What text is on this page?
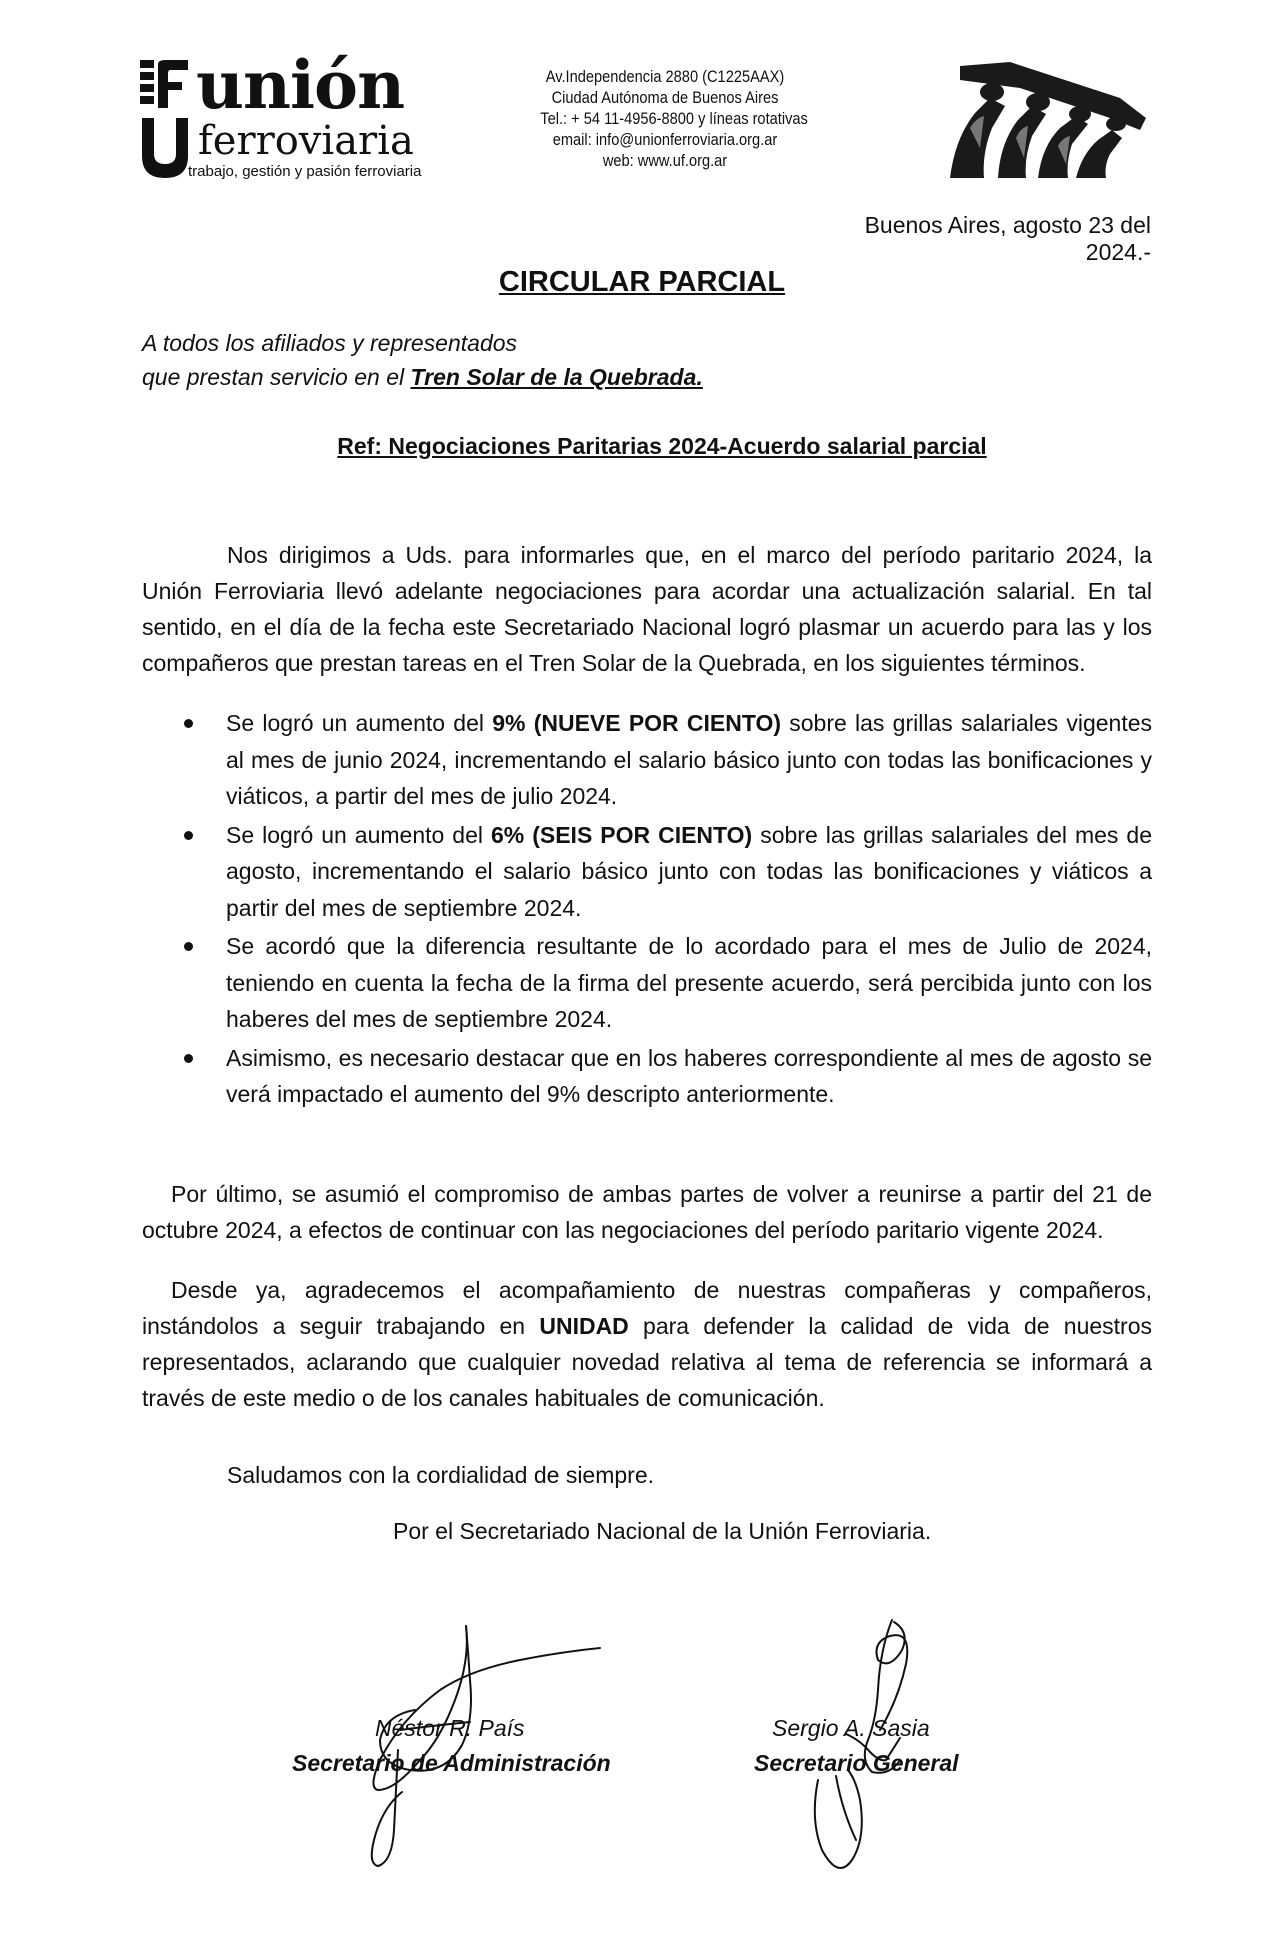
unión
ferroviaria
trabajo, gestión y pasión ferroviaria
Av.Independencia 2880 (C1225AAX)
Ciudad Autónoma de Buenos Aires
Tel.: + 54 11-4956-8800 y líneas rotativas
email: info@unionferroviaria.org.ar
web: www.uf.org.ar
Buenos Aires, agosto 23 del 2024.-
CIRCULAR PARCIAL
A todos los afiliados y representados
que prestan servicio en el Tren Solar de la Quebrada.
Ref: Negociaciones Paritarias 2024-Acuerdo salarial parcial
Nos dirigimos a Uds. para informarles que, en el marco del período paritario 2024, la Unión Ferroviaria llevó adelante negociaciones para acordar una actualización salarial. En tal sentido, en el día de la fecha este Secretariado Nacional logró plasmar un acuerdo para las y los compañeros que prestan tareas en el Tren Solar de la Quebrada, en los siguientes términos.
Se logró un aumento del 9% (NUEVE POR CIENTO) sobre las grillas salariales vigentes al mes de junio 2024, incrementando el salario básico junto con todas las bonificaciones y viáticos, a partir del mes de julio 2024.
Se logró un aumento del 6% (SEIS POR CIENTO) sobre las grillas salariales del mes de agosto, incrementando el salario básico junto con todas las bonificaciones y viáticos a partir del mes de septiembre 2024.
Se acordó que la diferencia resultante de lo acordado para el mes de Julio de 2024, teniendo en cuenta la fecha de la firma del presente acuerdo, será percibida junto con los haberes del mes de septiembre 2024.
Asimismo, es necesario destacar que en los haberes correspondiente al mes de agosto se verá impactado el aumento del 9% descripto anteriormente.
Por último, se asumió el compromiso de ambas partes de volver a reunirse a partir del 21 de octubre 2024, a efectos de continuar con las negociaciones del período paritario vigente 2024.
Desde ya, agradecemos el acompañamiento de nuestras compañeras y compañeros, instándolos a seguir trabajando en UNIDAD para defender la calidad de vida de nuestros representados, aclarando que cualquier novedad relativa al tema de referencia se informará a través de este medio o de los canales habituales de comunicación.
Saludamos con la cordialidad de siempre.
Por el Secretariado Nacional de la Unión Ferroviaria.
Néstor R. País
Secretario de Administración
Sergio A. Sasia
Secretario General
